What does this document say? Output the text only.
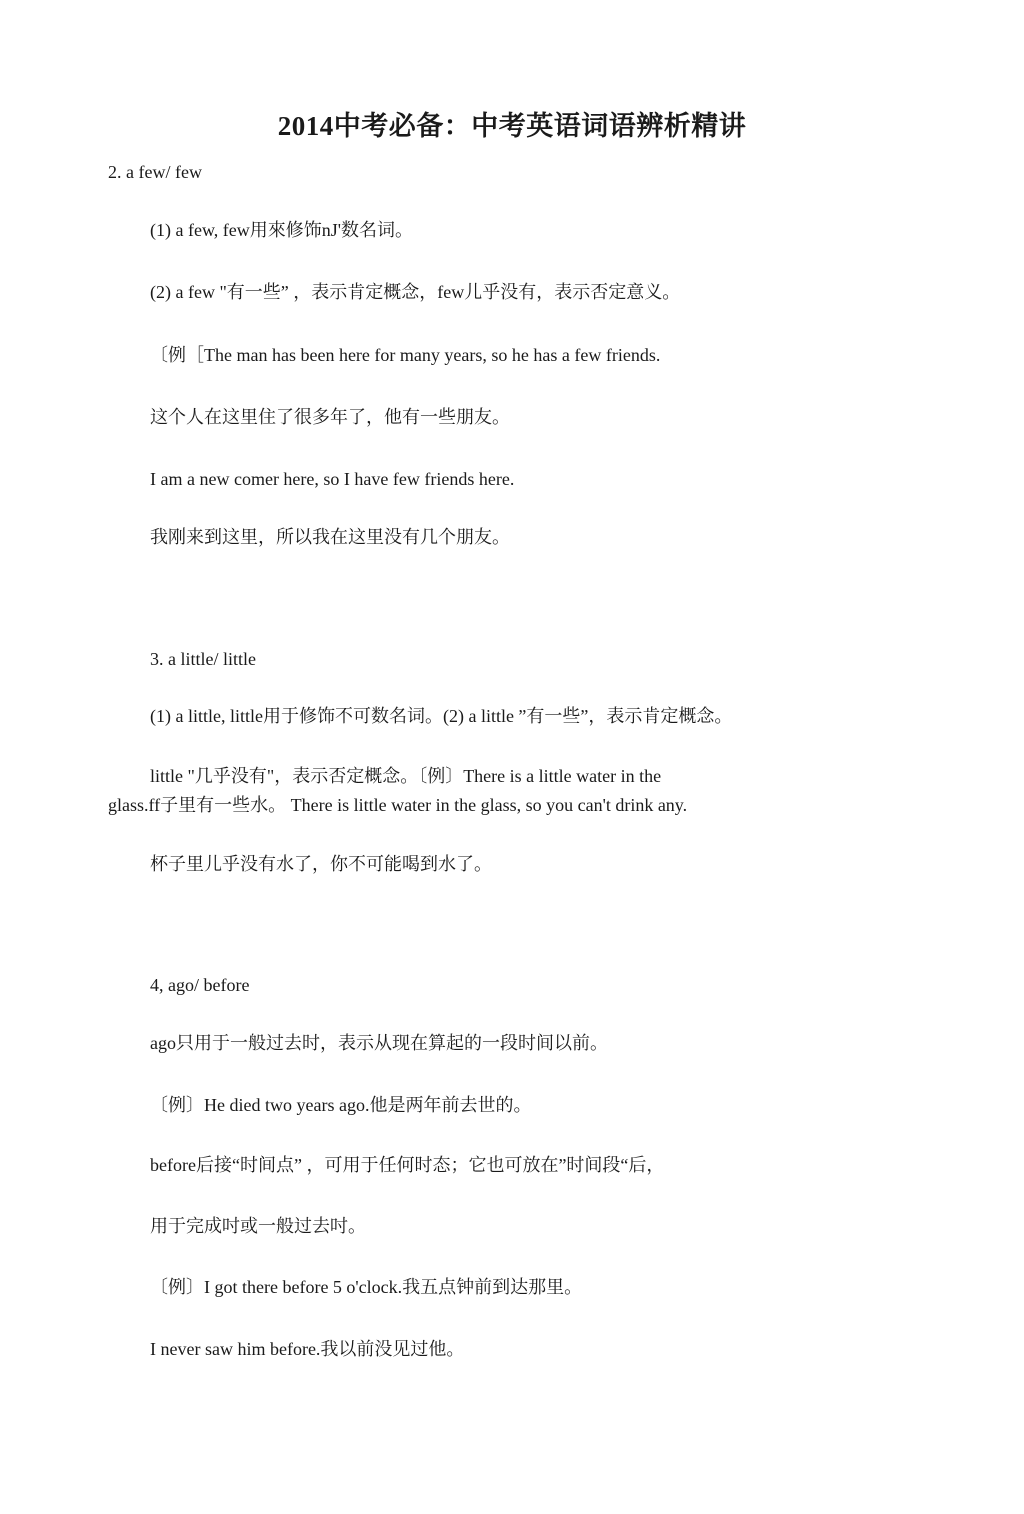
2014中考必备：中考英语词语辨析精讲
2. a few/ few
(1) a few, few用來修饰nJ'数名词。
(2) a few "有一些” ，表示肯定概念，few儿乎没有，表示否定意义。
〔例［The man has been here for many years, so he has a few friends.
这个人在这里住了很多年了，他有一些朋友。
I am a new comer here, so I have few friends here.
我刚来到这里，所以我在这里没有几个朋友。
3. a little/ little
(1) a little, little用于修饰不可数名词。(2) a little ”有一些”，表示肯定概念。
little "几乎没有"，表示否定概念。〔例〕There is a little water in the
glass.ff子里有一些水。 There is little water in the glass, so you can't drink any.
杯子里儿乎没有水了，你不可能喝到水了。
4, ago/ before
ago只用于一般过去时，表示从现在算起的一段时间以前。
〔例〕He died two years ago.他是两年前去世的。
before后接“时间点” ，可用于任何时态；它也可放在”时间段“后，
用于完成吋或一般过去吋。
〔例〕I got there before 5 o'clock.我五点钟前到达那里。
I never saw him before.我以前没见过他。
